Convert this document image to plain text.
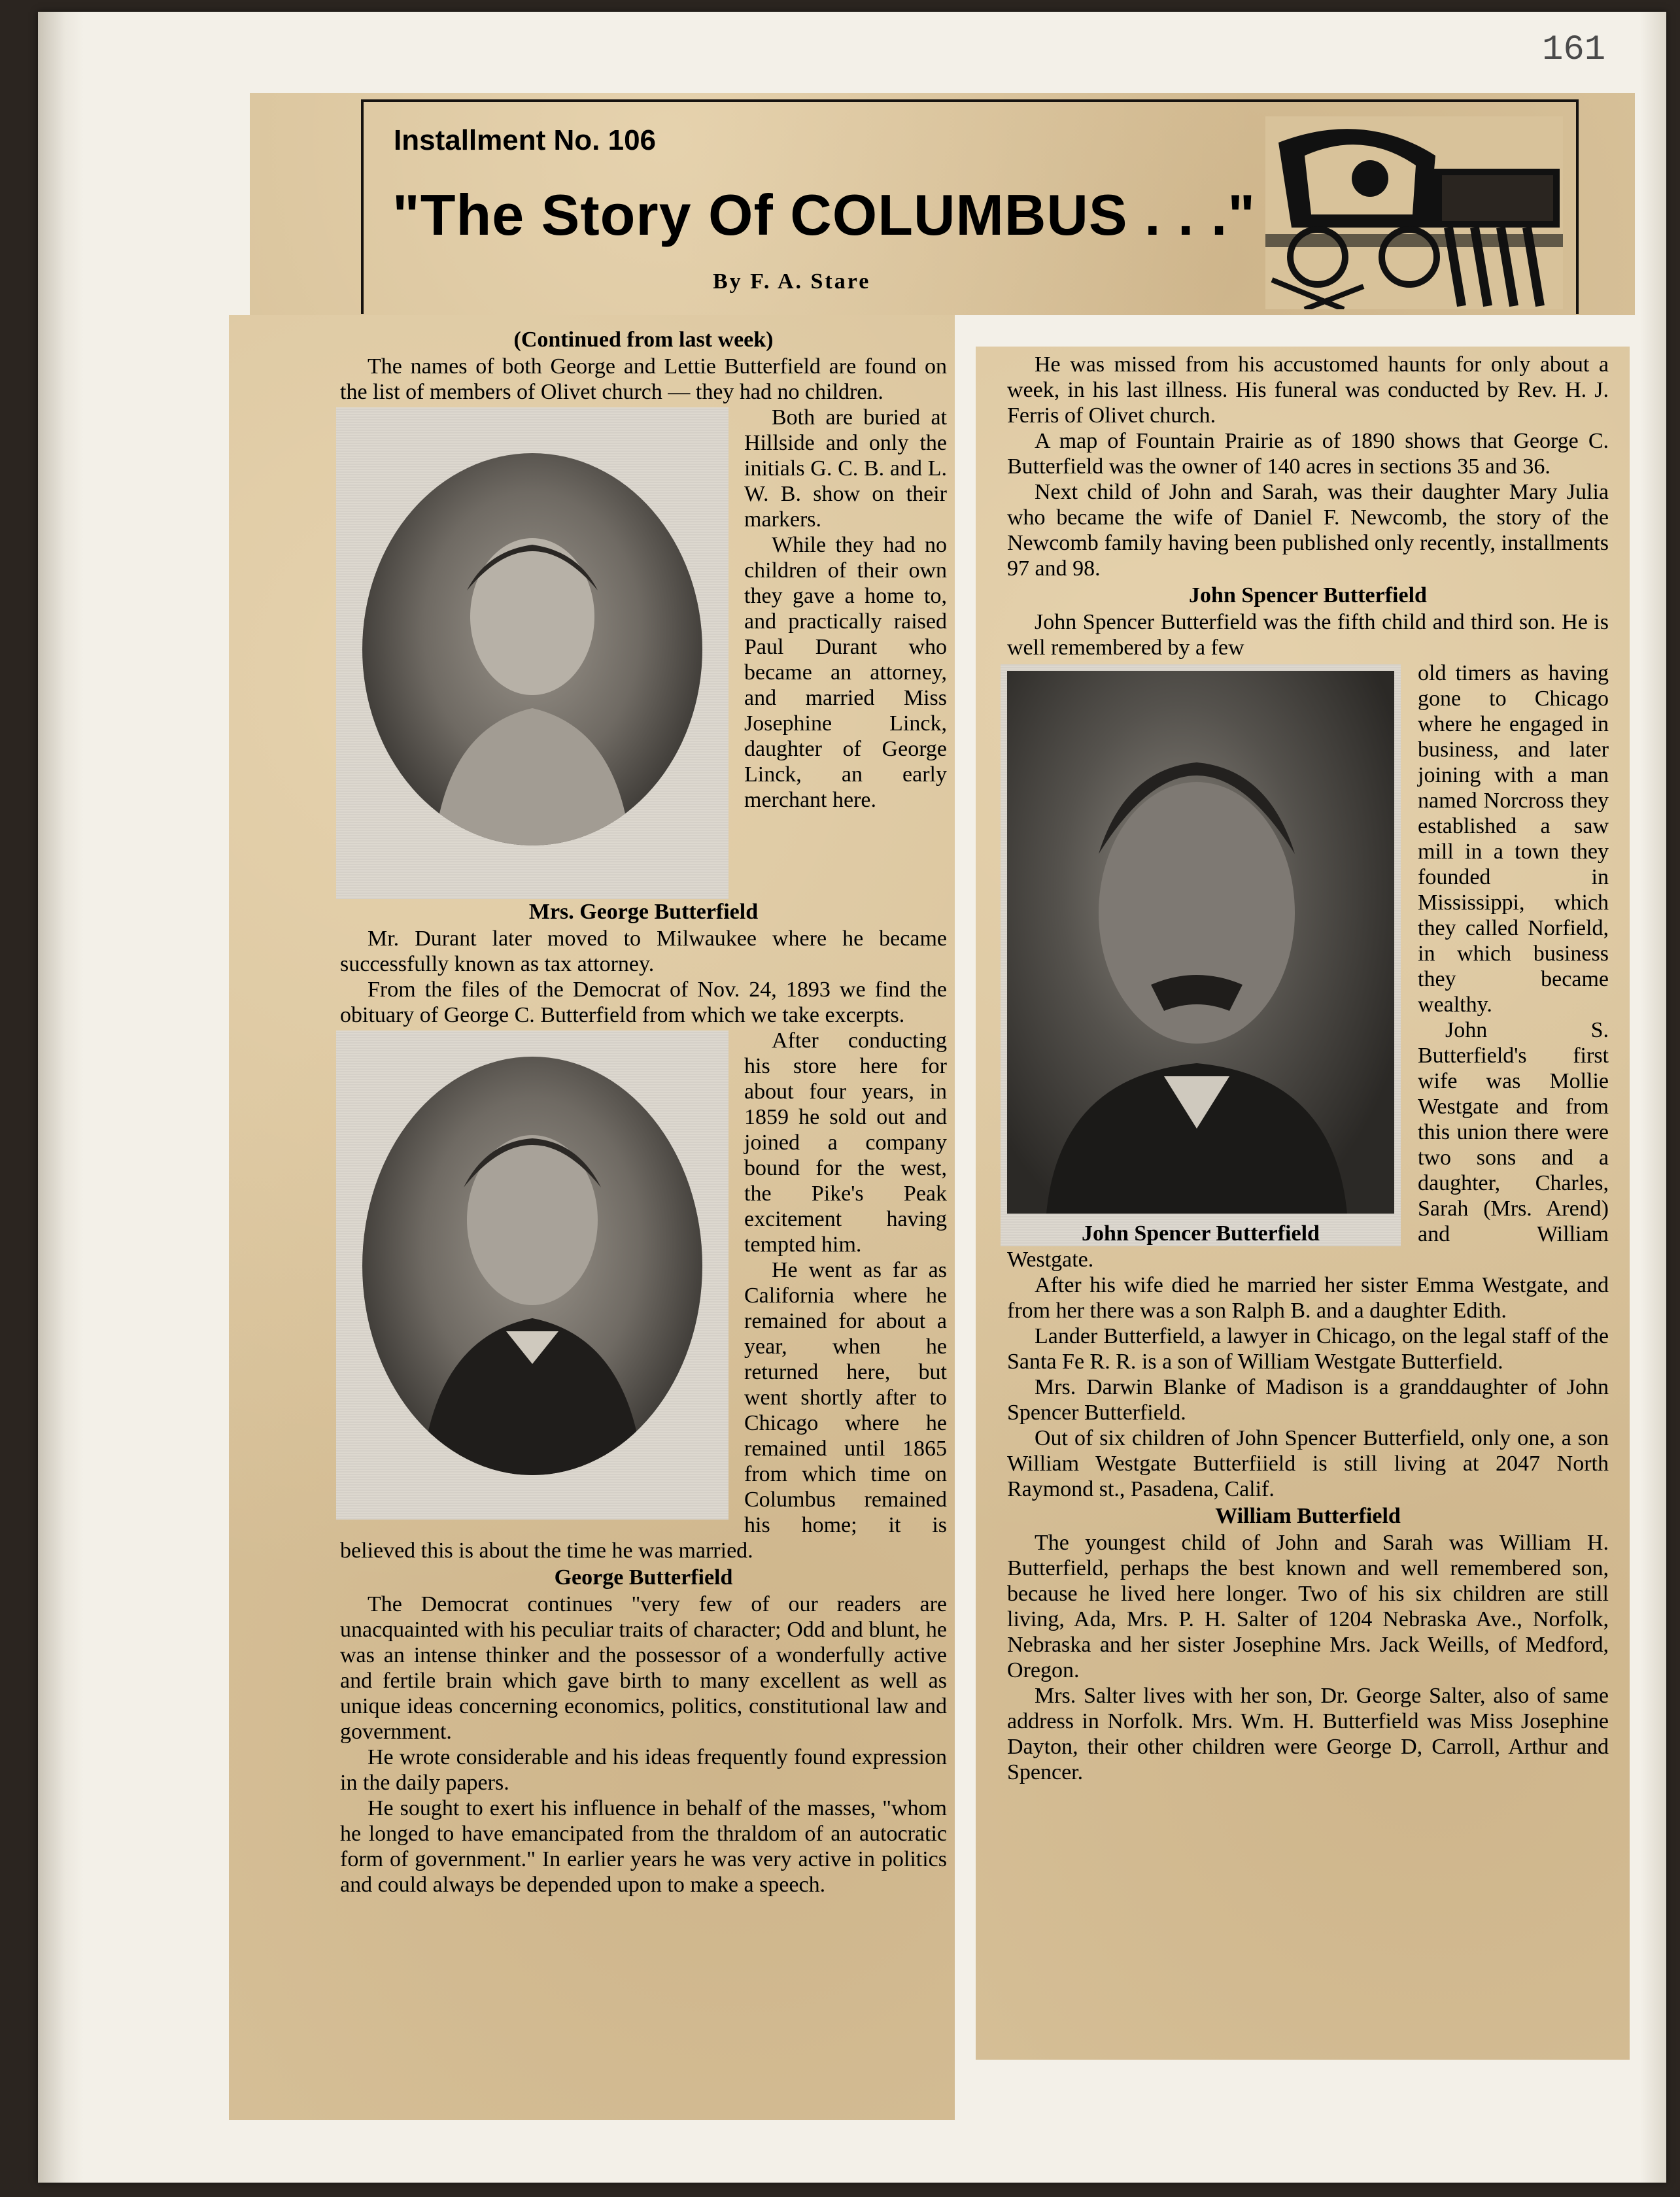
161
Installment No. 106
"The Story Of COLUMBUS . . ."
By F. A. Stare

(Continued from last week)

The names of both George and Lettie Butterfield are found on the list of members of Olivet church — they had no children.

Both are buried at Hillside and only the initials G. C. B. and L. W. B. show on their markers.

While they had no children of their own they gave a home to, and practically raised Paul Durant who became an attorney, and married Miss Josephine Linck, daughter of George Linck, an early merchant here.

Mrs. George Butterfield

Mr. Durant later moved to Milwaukee where he became successfully known as tax attorney.

From the files of the Democrat of Nov. 24, 1893 we find the obituary of George C. Butterfield from which we take excerpts.

After conducting his store here for about four years, in 1859 he sold out and joined a company bound for the west, the Pike's Peak excitement having tempted him.

He went as far as California where he remained for about a year, when he returned here, but went shortly after to Chicago where he remained until 1865 from which time on Columbus remained his home; it is believed this is about the time he was married.

George Butterfield

The Democrat continues "very few of our readers are unacquainted with his peculiar traits of character; Odd and blunt, he was an intense thinker and the possessor of a wonderfully active and fertile brain which gave birth to many excellent as well as unique ideas concerning economics, politics, constitutional law and government.

He wrote considerable and his ideas frequently found expression in the daily papers.

He sought to exert his influence in behalf of the masses, "whom he longed to have emancipated from the thraldom of an autocratic form of government." In earlier years he was very active in politics and could always be depended upon to make a speech.

He was missed from his accustomed haunts for only about a week, in his last illness. His funeral was conducted by Rev. H. J. Ferris of Olivet church.

A map of Fountain Prairie as of 1890 shows that George C. Butterfield was the owner of 140 acres in sections 35 and 36.

Next child of John and Sarah, was their daughter Mary Julia who became the wife of Daniel F. Newcomb, the story of the Newcomb family having been published only recently, installments 97 and 98.

John Spencer Butterfield

John Spencer Butterfield was the fifth child and third son. He is well remembered by a few

John Spencer Butterfield

old timers as having gone to Chicago where he engaged in business, and later joining with a man named Norcross they established a saw mill in a town they founded in Mississippi, which they called Norfield, in which business they became wealthy.

John S. Butterfield's first wife was Mollie Westgate and from this union there were two sons and a daughter, Charles, Sarah (Mrs. Arend) and William Westgate.

After his wife died he married her sister Emma Westgate, and from her there was a son Ralph B. and a daughter Edith.

Lander Butterfield, a lawyer in Chicago, on the legal staff of the Santa Fe R. R. is a son of William Westgate Butterfield.

Mrs. Darwin Blanke of Madison is a granddaughter of John Spencer Butterfield.

Out of six children of John Spencer Butterfield, only one, a son William Westgate Butterfiield is still living at 2047 North Raymond st., Pasadena, Calif.

William Butterfield

The youngest child of John and Sarah was William H. Butterfield, perhaps the best known and well remembered son, because he lived here longer. Two of his six children are still living, Ada, Mrs. P. H. Salter of 1204 Nebraska Ave., Norfolk, Nebraska and her sister Josephine Mrs. Jack Weills, of Medford, Oregon.

Mrs. Salter lives with her son, Dr. George Salter, also of same address in Norfolk. Mrs. Wm. H. Butterfield was Miss Josephine Dayton, their other children were George D, Carroll, Arthur and Spencer.
